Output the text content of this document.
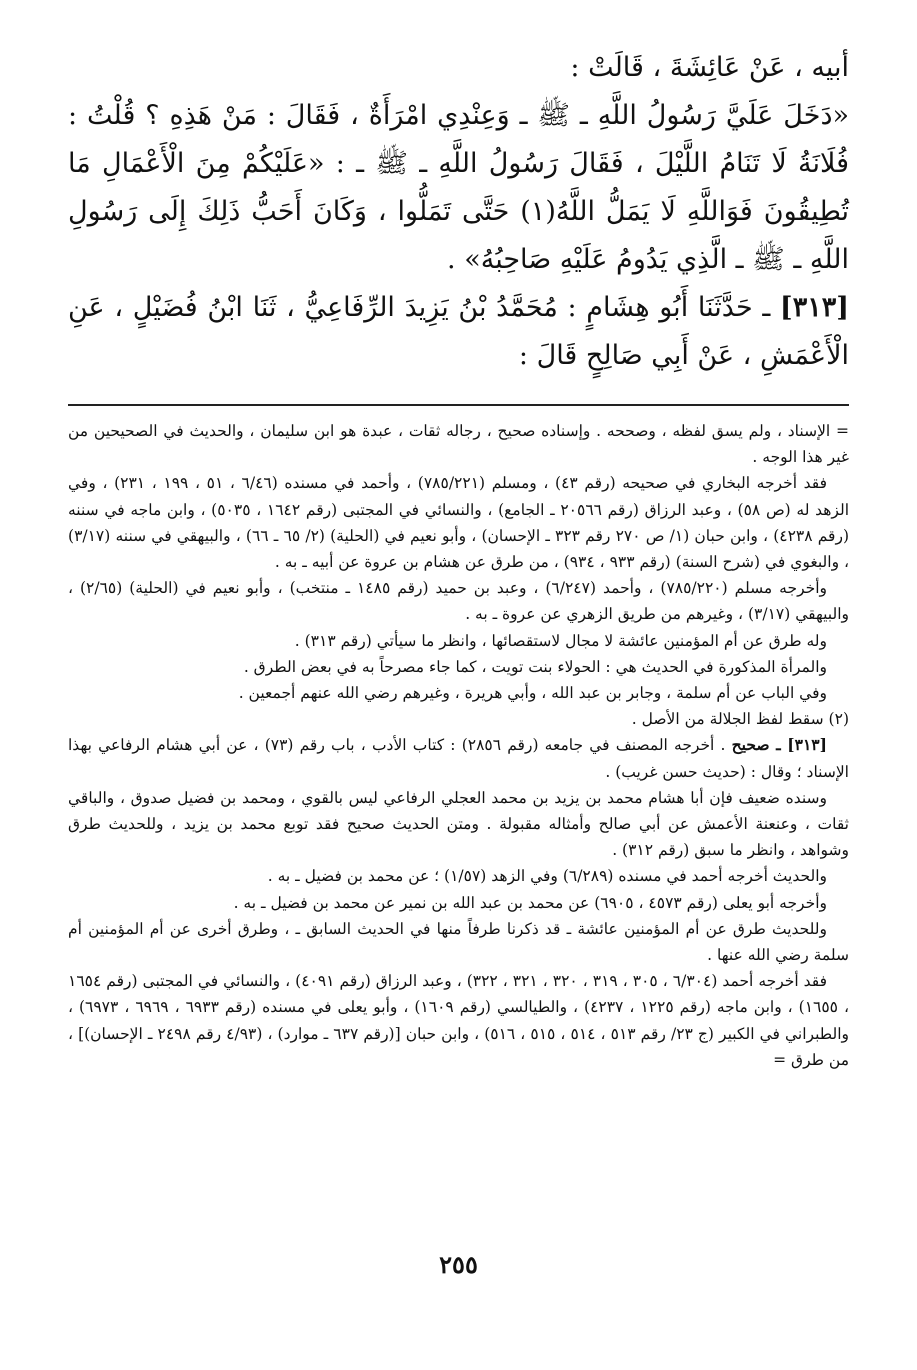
أبيه ، عَنْ عَائِشَةَ ، قَالَتْ :

«دَخَلَ عَلَيَّ رَسُولُ اللَّهِ ـ ﷺ ـ وَعِنْدِي امْرَأَةٌ ، فَقَالَ : مَنْ هَذِهِ ؟ قُلْتُ : فُلَانَةُ لَا تَنَامُ اللَّيْلَ ، فَقَالَ رَسُولُ اللَّهِ ـ ﷺ ـ : «عَلَيْكُمْ مِنَ الْأَعْمَالِ مَا تُطِيقُونَ فَوَاللَّهِ لَا يَمَلُّ اللَّهُ(١) حَتَّى تَمَلُّوا ، وَكَانَ أَحَبُّ ذَلِكَ إِلَى رَسُولِ اللَّهِ ـ ﷺ ـ الَّذِي يَدُومُ عَلَيْهِ صَاحِبُهُ» .

[٣١٣] ـ حَدَّثَنَا أَبُو هِشَامٍ : مُحَمَّدُ بْنُ يَزِيدَ الرِّفَاعِيُّ ، ثَنَا ابْنُ فُضَيْلٍ ، عَنِ الْأَعْمَشِ ، عَنْ أَبِي صَالِحٍ قَالَ :

= الإسناد ، ولم يسق لفظه ، وصححه . وإسناده صحيح ، رجاله ثقات ، عبدة هو ابن سليمان ، والحديث في الصحيحين من غير هذا الوجه .

فقد أخرجه البخاري في صحيحه (رقم ٤٣) ، ومسلم (٧٨٥/٢٢١) ، وأحمد في مسنده (٦/٤٦ ، ٥١ ، ١٩٩ ، ٢٣١) ، وفي الزهد له (ص ٥٨) ، وعبد الرزاق (رقم ٢٠٥٦٦ ـ الجامع) ، والنسائي في المجتبى (رقم ١٦٤٢ ، ٥٠٣٥) ، وابن ماجه في سننه (رقم ٤٢٣٨) ، وابن حبان (١/ ص ٢٧٠ رقم ٣٢٣ ـ الإحسان) ، وأبو نعيم في (الحلية) (٢/ ٦٥ ـ ٦٦) ، والبيهقي في سننه (٣/١٧) ، والبغوي في (شرح السنة) (رقم ٩٣٣ ، ٩٣٤) ، من طرق عن هشام بن عروة عن أبيه ـ به .

وأخرجه مسلم (٧٨٥/٢٢٠) ، وأحمد (٦/٢٤٧) ، وعبد بن حميد (رقم ١٤٨٥ ـ منتخب) ، وأبو نعيم في (الحلية) (٢/٦٥) ، والبيهقي (٣/١٧) ، وغيرهم من طريق الزهري عن عروة ـ به .

وله طرق عن أم المؤمنين عائشة لا مجال لاستقصائها ، وانظر ما سيأتي (رقم ٣١٣) .

والمرأة المذكورة في الحديث هي : الحولاء بنت تويت ، كما جاء مصرحاً به في بعض الطرق .

وفي الباب عن أم سلمة ، وجابر بن عبد الله ، وأبي هريرة ، وغيرهم رضي الله عنهم أجمعين .

(٢) سقط لفظ الجلالة من الأصل .

[٣١٣] ـ صحيح . أخرجه المصنف في جامعه (رقم ٢٨٥٦) : كتاب الأدب ، باب رقم (٧٣) ، عن أبي هشام الرفاعي بهذا الإسناد ؛ وقال : (حديث حسن غريب) .

وسنده ضعيف فإن أبا هشام محمد بن يزيد بن محمد العجلي الرفاعي ليس بالقوي ، ومحمد بن فضيل صدوق ، والباقي ثقات ، وعنعنة الأعمش عن أبي صالح وأمثاله مقبولة . ومتن الحديث صحيح فقد توبع محمد بن يزيد ، وللحديث طرق وشواهد ، وانظر ما سبق (رقم ٣١٢) .

والحديث أخرجه أحمد في مسنده (٦/٢٨٩) وفي الزهد (١/٥٧) ؛ عن محمد بن فضيل ـ به .

وأخرجه أبو يعلى (رقم ٤٥٧٣ ، ٦٩٠٥) عن محمد بن عبد الله بن نمير عن محمد بن فضيل ـ به .

وللحديث طرق عن أم المؤمنين عائشة ـ قد ذكرنا طرفاً منها في الحديث السابق ـ ، وطرق أخرى عن أم المؤمنين أم سلمة رضي الله عنها .

فقد أخرجه أحمد (٦/٣٠٤ ، ٣٠٥ ، ٣١٩ ، ٣٢٠ ، ٣٢١ ، ٣٢٢) ، وعبد الرزاق (رقم ٤٠٩١) ، والنسائي في المجتبى (رقم ١٦٥٤ ، ١٦٥٥) ، وابن ماجه (رقم ١٢٢٥ ، ٤٢٣٧) ، والطيالسي (رقم ١٦٠٩) ، وأبو يعلى في مسنده (رقم ٦٩٣٣ ، ٦٩٦٩ ، ٦٩٧٣) ، والطبراني في الكبير (ج ٢٣/ رقم ٥١٣ ، ٥١٤ ، ٥١٥ ، ٥١٦) ، وابن حبان [(رقم ٦٣٧ ـ موارد) ، (٤/٩٣ رقم ٢٤٩٨ ـ الإحسان)] ، من طرق =

٢٥٥
